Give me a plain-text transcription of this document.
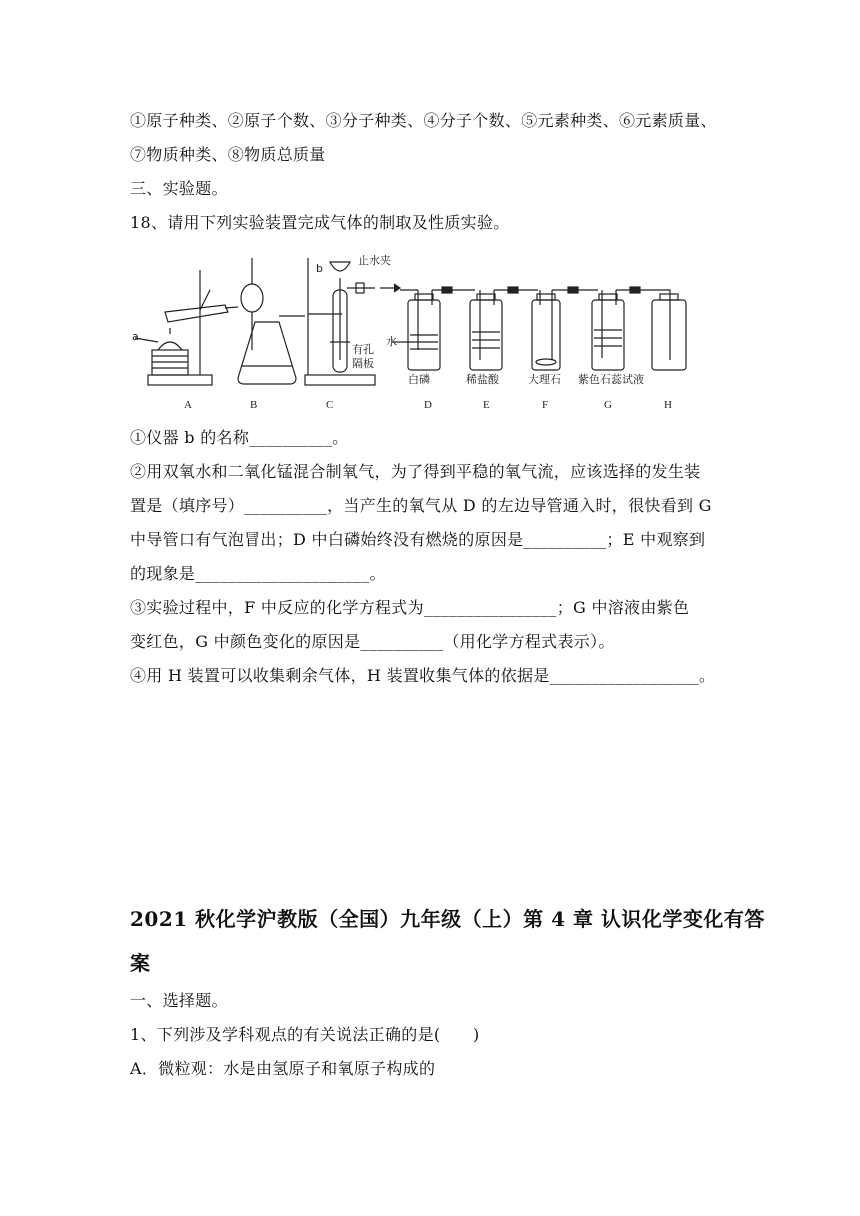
①原子种类、②原子个数、③分子种类、④分子个数、⑤元素种类、⑥元素质量、
⑦物质种类、⑧物质总质量
三、实验题。
18、请用下列实验装置完成气体的制取及性质实验。
a
b
止水夹
有孔
隔板
水
白磷	稀盐酸	大理石 紫色石蕊试液
A	B	C	D	E	F	G	H
①仪器 b 的名称__________。
②用双氧水和二氧化锰混合制氧气，为了得到平稳的氧气流，应该选择的发生装
置是（填序号）__________，当产生的氧气从 D 的左边导管通入时，很快看到 G
中导管口有气泡冒出；D 中白磷始终没有燃烧的原因是__________；E 中观察到
的现象是_____________________。
③实验过程中，F 中反应的化学方程式为________________；G 中溶液由紫色
变红色，G 中颜色变化的原因是__________（用化学方程式表示）。
④用 H 装置可以收集剩余气体，H 装置收集气体的依据是__________________。
2021 秋化学沪教版（全国）九年级（上）第 4 章 认识化学变化有答
案
一、选择题。
1、下列涉及学科观点的有关说法正确的是(　　)
A．微粒观：水是由氢原子和氧原子构成的
